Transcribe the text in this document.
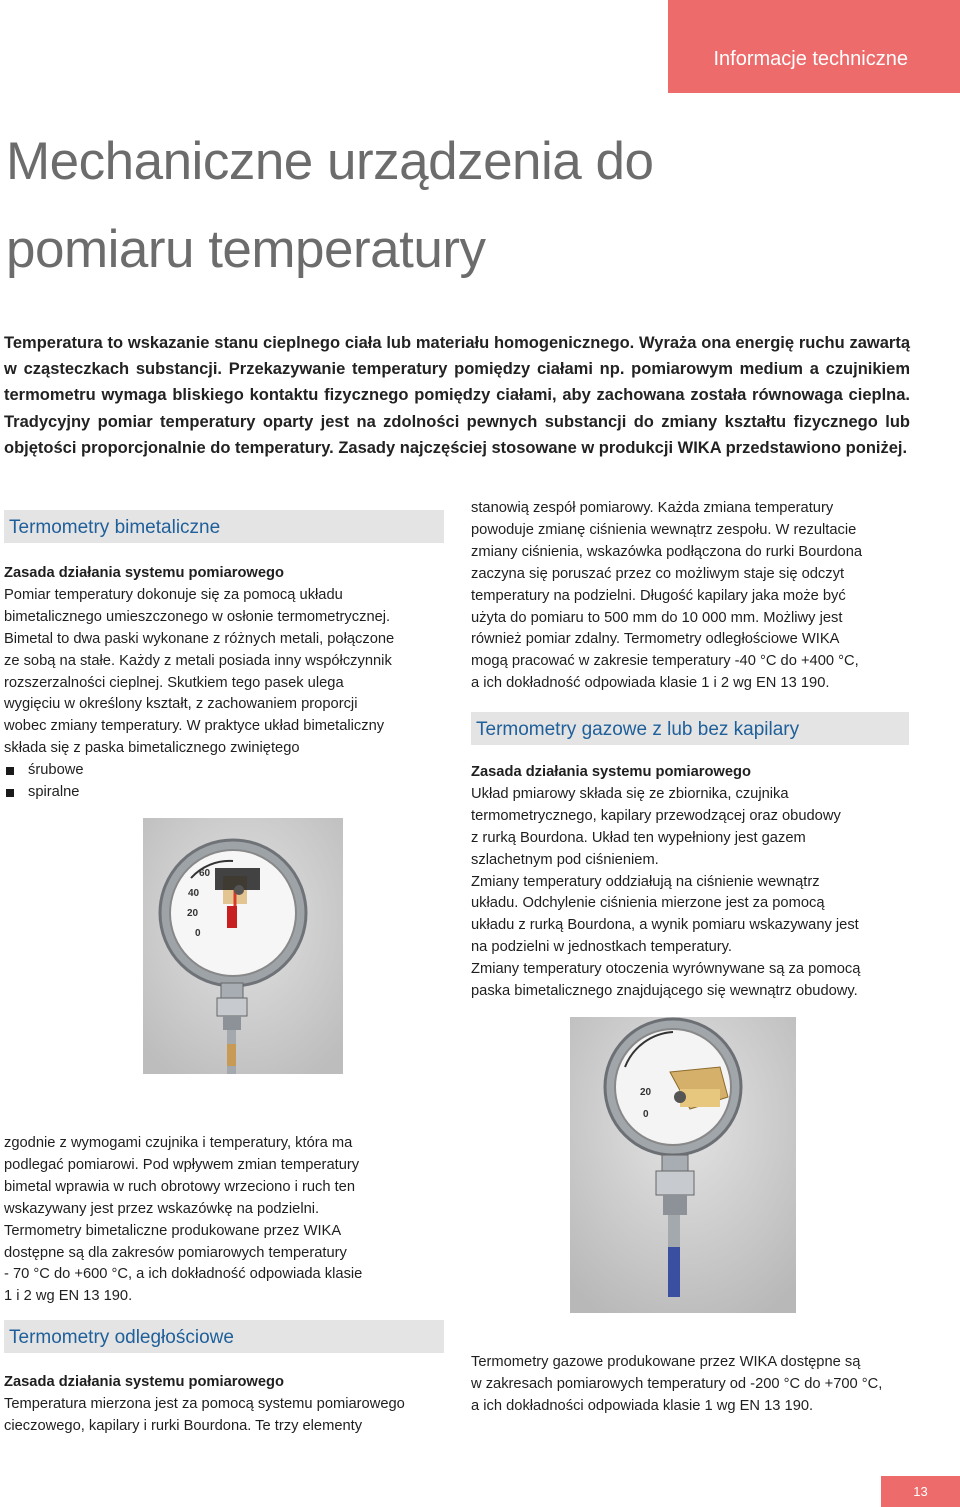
Informacje techniczne
Mechaniczne urządzenia do
pomiaru temperatury

Temperatura to wskazanie stanu cieplnego ciała lub materiału homogenicznego. Wyraża ona energię ruchu zawartą w cząsteczkach substancji. Przekazywanie temperatury pomiędzy ciałami np. pomiarowym medium a czujnikiem termometru wymaga bliskiego kontaktu fizycznego pomiędzy ciałami, aby zachowana została równowaga cieplna. Tradycyjny pomiar temperatury oparty jest na zdolności pewnych substancji do zmiany kształtu fizycznego lub objętości proporcjonalnie do temperatury. Zasady najczęściej stosowane w produkcji WIKA przedstawiono poniżej.

Termometry bimetaliczne

Zasada działania systemu pomiarowego

Pomiar temperatury dokonuje się za pomocą układu

bimetalicznego umieszczonego w osłonie termometrycznej.

Bimetal to dwa paski wykonane z różnych metali, połączone

ze sobą na stałe. Każdy z metali posiada inny współczynnik

rozszerzalności cieplnej. Skutkiem tego pasek ulega

wygięciu w określony kształt, z zachowaniem proporcji

wobec zmiany temperatury. W praktyce układ bimetaliczny

składa się z paska bimetalicznego zwiniętego

śrubowe
spiralne
60
40
20
0

zgodnie z wymogami czujnika i temperatury, która ma

podlegać pomiarowi. Pod wpływem zmian temperatury

bimetal wprawia w ruch obrotowy wrzeciono i ruch ten

wskazywany jest przez wskazówkę na podzielni.

Termometry bimetaliczne produkowane przez WIKA

dostępne są dla zakresów pomiarowych temperatury

- 70 °C do +600 °C, a ich dokładność odpowiada klasie

1 i 2 wg EN 13 190.

Termometry odległościowe

Zasada działania systemu pomiarowego

Temperatura mierzona jest za pomocą systemu pomiarowego

cieczowego, kapilary i rurki Bourdona. Te trzy elementy

stanowią zespół pomiarowy. Każda zmiana temperatury

powoduje zmianę ciśnienia wewnątrz zespołu. W rezultacie

zmiany ciśnienia, wskazówka podłączona do rurki Bourdona

zaczyna się poruszać przez co możliwym staje się odczyt

temperatury na podzielni. Długość kapilary jaka może być

użyta do pomiaru to 500 mm do 10 000 mm. Możliwy jest

również pomiar zdalny. Termometry odległościowe WIKA

mogą pracować w zakresie temperatury -40 °C do +400 °C,

a ich dokładność odpowiada klasie 1 i 2 wg EN 13 190.

Termometry gazowe z lub bez kapilary

Zasada działania systemu pomiarowego

Układ pmiarowy składa się ze zbiornika, czujnika

termometrycznego, kapilary przewodzącej oraz obudowy

z rurką Bourdona. Układ ten wypełniony jest gazem

szlachetnym pod ciśnieniem.

Zmiany temperatury oddziałują na ciśnienie wewnątrz

układu. Odchylenie ciśnienia mierzone jest za pomocą

układu z rurką Bourdona, a wynik pomiaru wskazywany jest

na podzielni w jednostkach temperatury.

Zmiany temperatury otoczenia wyrównywane są za pomocą

paska bimetalicznego znajdującego się wewnątrz obudowy.

20
0

Termometry gazowe produkowane przez WIKA dostępne są

w zakresach pomiarowych temperatury od -200 °C do +700 °C,

a ich dokładności odpowiada klasie 1 wg EN 13 190.

13
